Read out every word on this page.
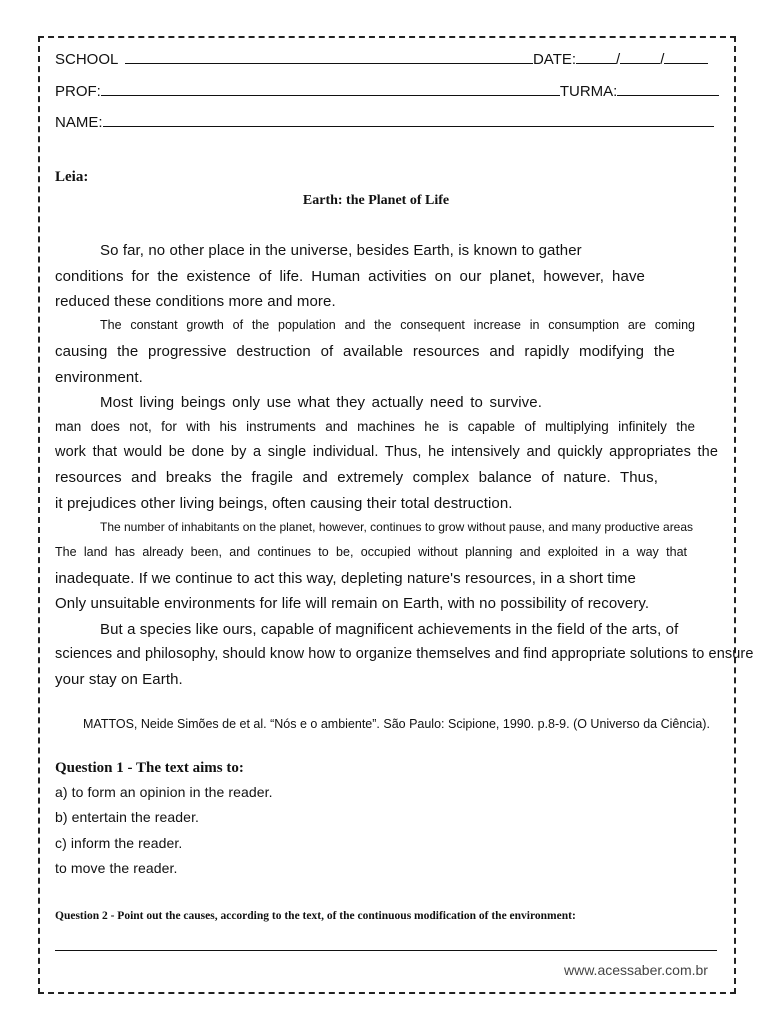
SCHOOL	DATE:	/	/
PROF:	TURMA:
NAME:
Leia:
Earth: the Planet of Life
So far, no other place in the universe, besides Earth, is known to gather
conditions for the existence of life. Human activities on our planet, however, have
reduced these conditions more and more.
The constant growth of the population and the consequent increase in consumption are coming
causing the progressive destruction of available resources and rapidly modifying the
environment.
Most living beings only use what they actually need to survive.
man does not, for with his instruments and machines he is capable of multiplying infinitely the
work that would be done by a single individual. Thus, he intensively and quickly appropriates the
resources and breaks the fragile and extremely complex balance of nature. Thus,
it prejudices other living beings, often causing their total destruction.
The number of inhabitants on the planet, however, continues to grow without pause, and many productive areas
The land has already been, and continues to be, occupied without planning and exploited in a way that
inadequate. If we continue to act this way, depleting nature's resources, in a short time
Only unsuitable environments for life will remain on Earth, with no possibility of recovery.
But a species like ours, capable of magnificent achievements in the field of the arts, of
sciences and philosophy, should know how to organize themselves and find appropriate solutions to ensure
your stay on Earth.
MATTOS, Neide Simões de et al. “Nós e o ambiente”. São Paulo: Scipione, 1990. p.8-9. (O Universo da Ciência).
Question 1 - The text aims to:
a) to form an opinion in the reader.
b) entertain the reader.
c) inform the reader.
to move the reader.
Question 2 - Point out the causes, according to the text, of the continuous modification of the environment:
www.acessaber.com.br
